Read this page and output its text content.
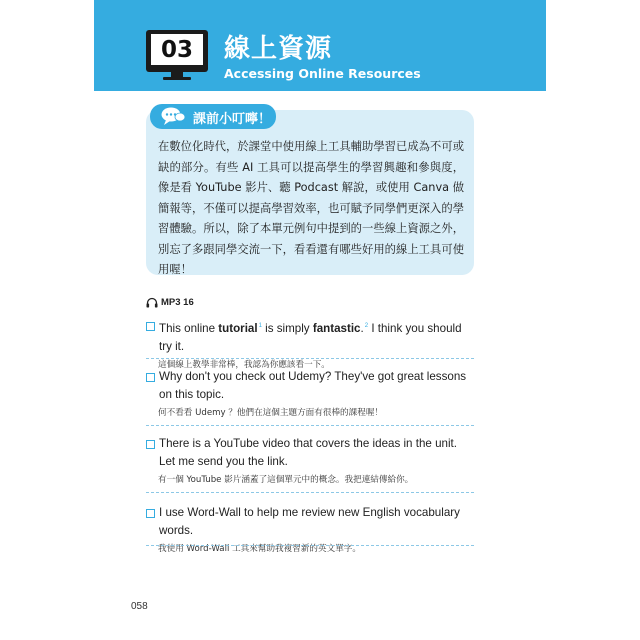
03	線上資源
Accessing Online Resources
課前小叮嚀！
在數位化時代，於課堂中使用線上工具輔助學習已成為不可或缺的部分。有些 AI 工具可以提高學生的學習興趣和參與度，像是看 YouTube 影片、聽 Podcast 解說，或使用 Canva 做簡報等，不僅可以提高學習效率，也可賦予同學們更深入的學習體驗。所以，除了本單元例句中提到的一些線上資源之外，別忘了多跟同學交流一下，看看還有哪些好用的線上工具可使用喔！
MP3 16
This online tutorial$^1$ is simply fantastic.$^2$ I think you should try it.
這個線上教學非常棒，我認為你應該看一下。
Why don't you check out Udemy? They've got great lessons on this topic.
何不看看 Udemy ？他們在這個主題方面有很棒的課程喔！
There is a YouTube video that covers the ideas in the unit. Let me send you the link.
有一個 YouTube 影片涵蓋了這個單元中的概念。我把連結傳給你。
I use Word-Wall to help me review new English vocabulary words.
我使用 Word-Wall 工具來幫助我複習新的英文單字。
058
